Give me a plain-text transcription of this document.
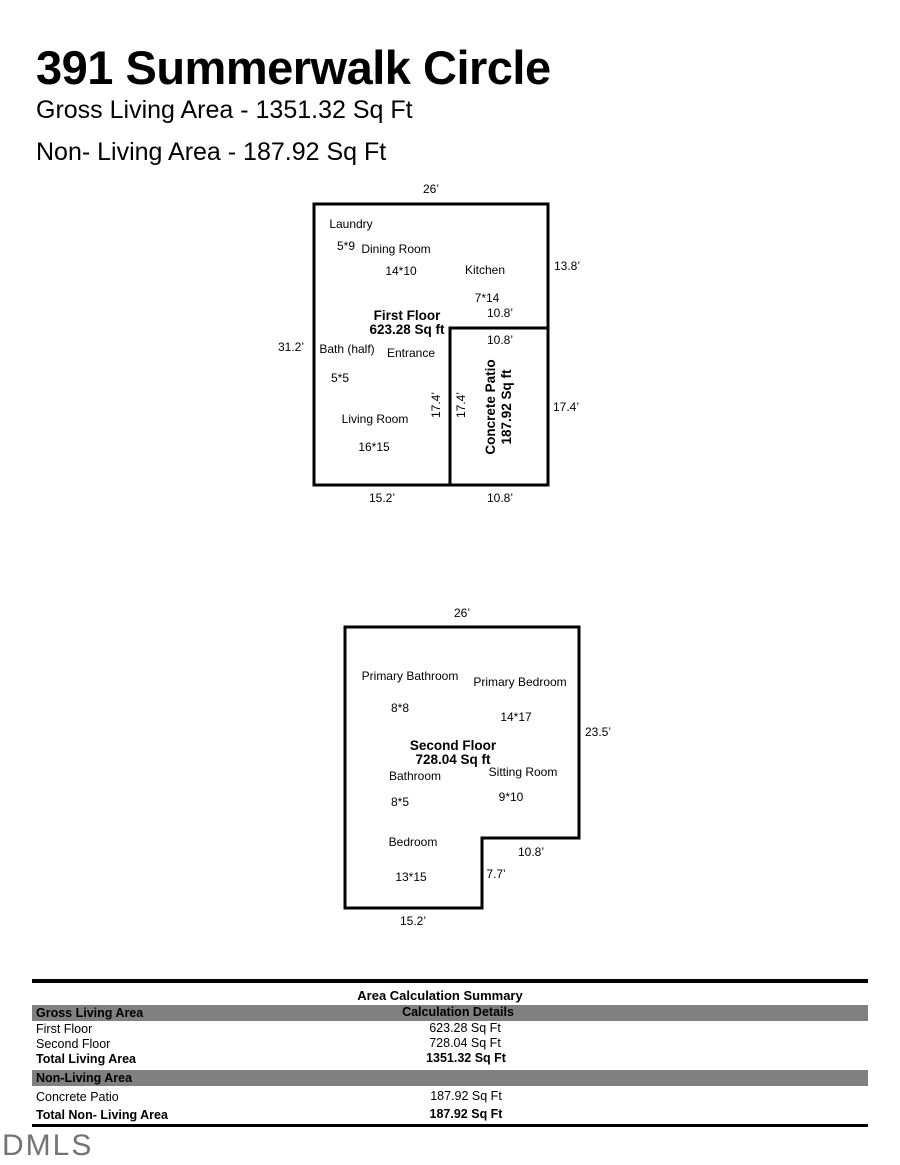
391 Summerwalk Circle
Gross Living Area - 1351.32 Sq Ft
Non- Living Area - 187.92 Sq Ft
26’
13.8’
31.2’
10.8’
10.8’
17.4’ 17.4’	17.4’
15.2’	10.8’
Laundry
5*9 Dining Room
14*10	Kitchen
7*14
Bath (half)
5*5
Entrance
Living Room
16*15
First Floor
623.28 Sq ft
Concrete Patio 187.92 Sq ft
26’
23.5’
10.8’
7.7’
15.2’
Primary Bathroom
8*8
Primary Bedroom
14*17
Bathroom
8*5
Sitting Room
9*10
Bedroom
13*15
Second Floor
728.04 Sq ft
Area Calculation Summary
Gross Living Area	Calculation Details
First Floor	623.28 Sq Ft
Second Floor	728.04 Sq Ft
Total Living Area	1351.32 Sq Ft
Non-Living Area
Concrete Patio	187.92 Sq Ft
Total Non- Living Area	187.92 Sq Ft
DMLS
